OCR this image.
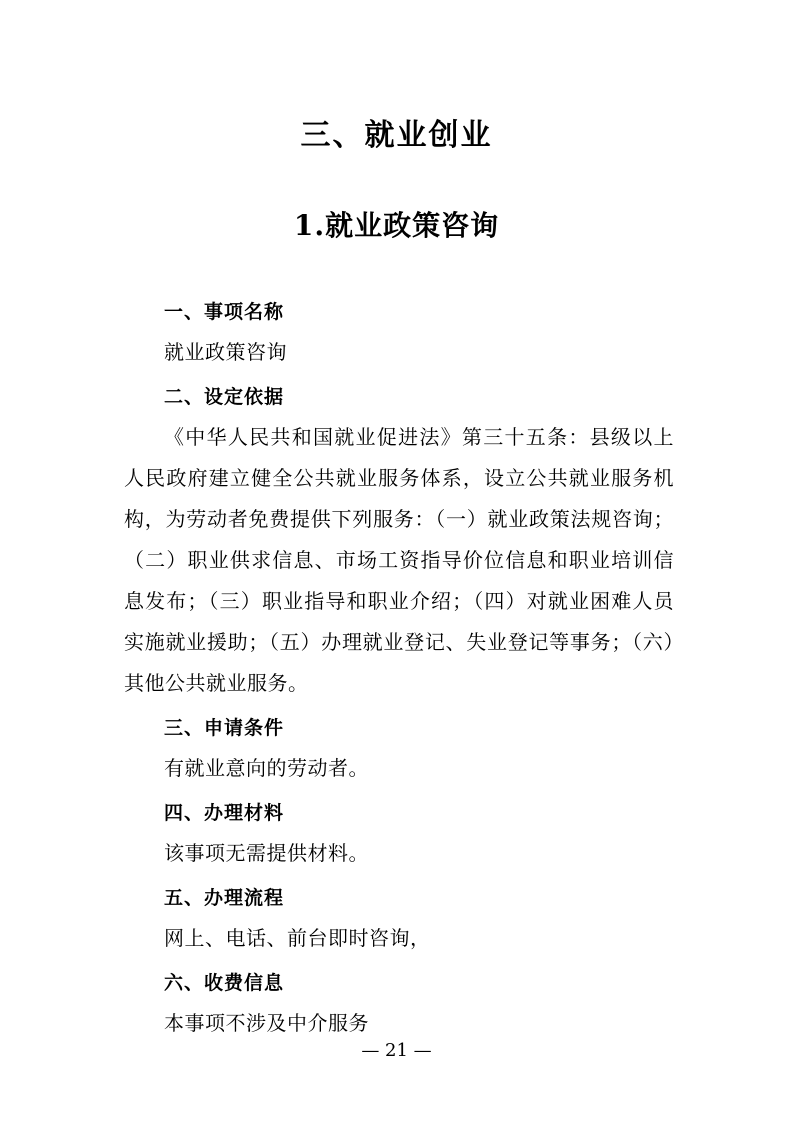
三、就业创业
1.就业政策咨询
一、事项名称

就业政策咨询

二、设定依据

《中华人民共和国就业促进法》第三十五条：县级以上人民政府建立健全公共就业服务体系，设立公共就业服务机构，为劳动者免费提供下列服务：（一）就业政策法规咨询；（二）职业供求信息、市场工资指导价位信息和职业培训信息发布；（三）职业指导和职业介绍；（四）对就业困难人员实施就业援助；（五）办理就业登记、失业登记等事务；（六）其他公共就业服务。

三、申请条件

有就业意向的劳动者。

四、办理材料

该事项无需提供材料。

五、办理流程

网上、电话、前台即时咨询，

六、收费信息

本事项不涉及中介服务

— 21 —
